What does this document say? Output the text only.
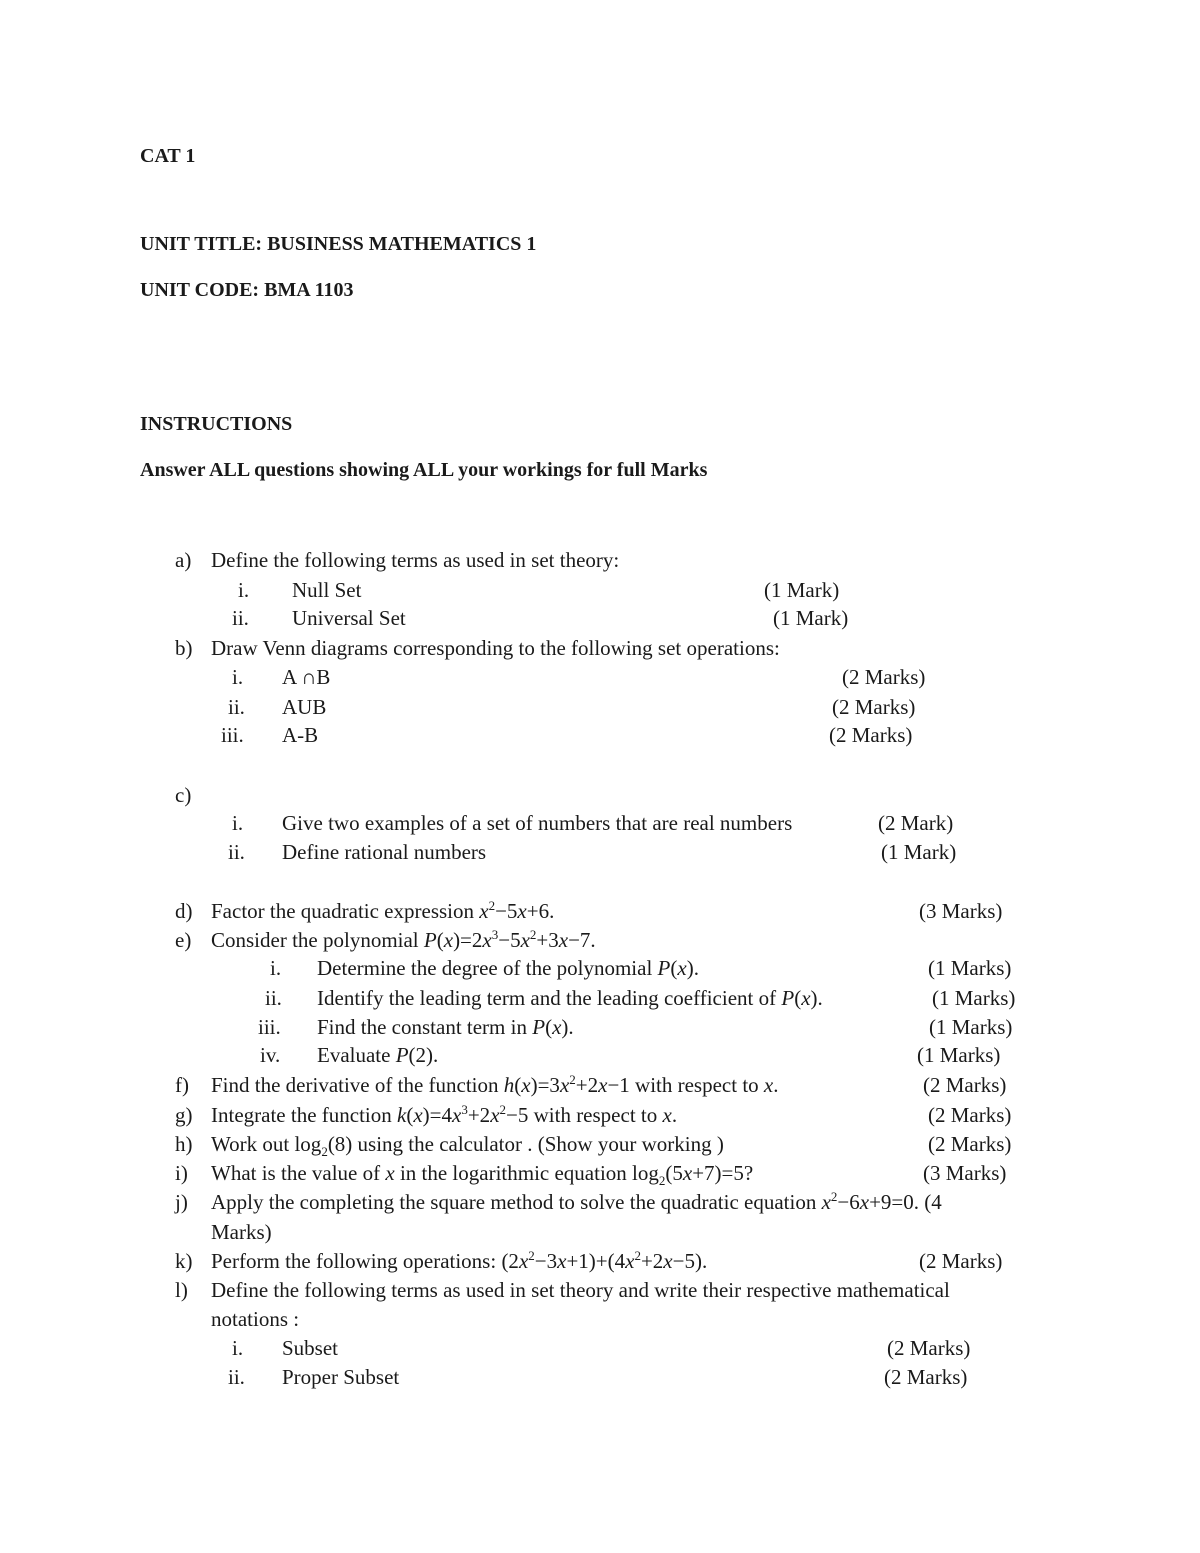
CAT 1
UNIT TITLE: BUSINESS MATHEMATICS 1
UNIT CODE: BMA 1103
INSTRUCTIONS
Answer ALL questions showing ALL your workings for full Marks
a) Define the following terms as used in set theory:
i. Null Set	(1 Mark)
ii. Universal Set	(1 Mark)
b) Draw Venn diagrams corresponding to the following set operations:
i. A ∩B	(2 Marks)
ii. AUB	(2 Marks)
iii. A-B	(2 Marks)
c)
i. Give two examples of a set of numbers that are real numbers	(2 Mark)
ii. Define rational numbers	(1 Mark)
d) Factor the quadratic expression $x^2-5x+6$.	(3 Marks)
e) Consider the polynomial $P(x)=2x^3-5x^2+3x-7$.
i. Determine the degree of the polynomial P(x).	(1 Marks)
ii. Identify the leading term and the leading coefficient of P(x).	(1 Marks)
iii. Find the constant term in P(x).	(1 Marks)
iv. Evaluate P(2).	(1 Marks)
f) Find the derivative of the function $h(x)=3x^2+2x-1$ with respect to x.	(2 Marks)
g) Integrate the function $k(x)=4x^3+2x^2-5$ with respect to x.	(2 Marks)
h) Work out $\log_2(8)$ using the calculator . (Show your working )	(2 Marks)
i) What is the value of x in the logarithmic equation $\log_2(5x+7)=5$?	(3 Marks)
j) Apply the completing the square method to solve the quadratic equation $x^2-6x+9=0$. (4
Marks)
k) Perform the following operations: $(2x^2-3x+1)+(4x^2+2x-5)$.	(2 Marks)
l) Define the following terms as used in set theory and write their respective mathematical
notations :
i. Subset	(2 Marks)
ii. Proper Subset	(2 Marks)
